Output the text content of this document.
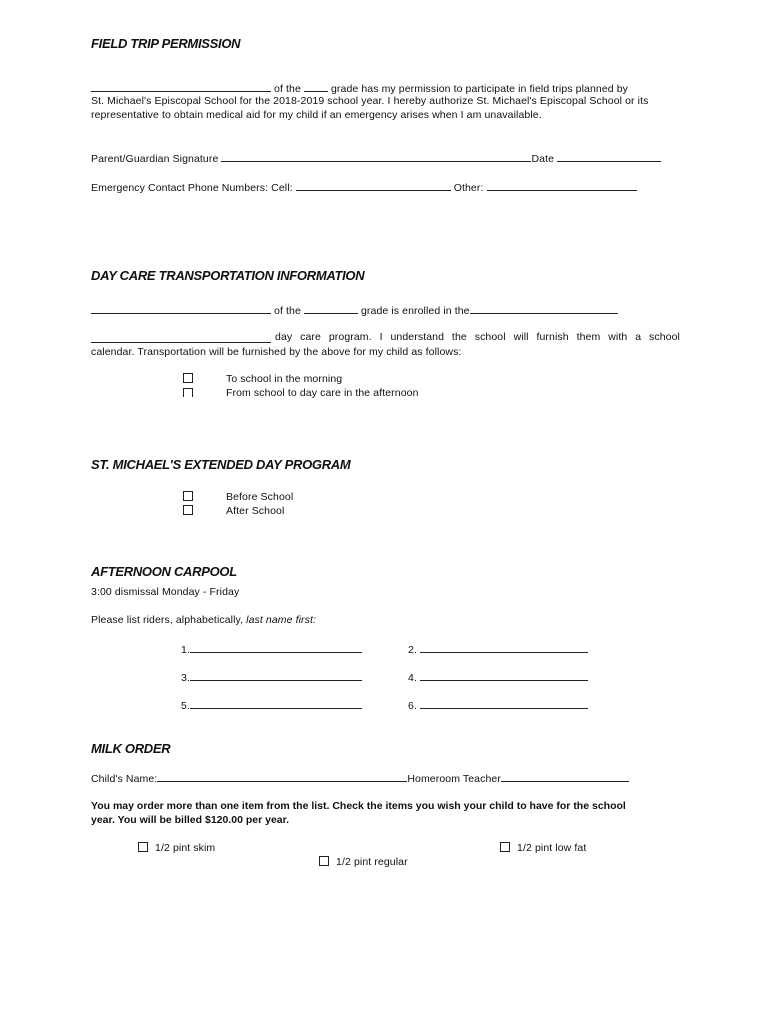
FIELD TRIP PERMISSION
of the	grade has my permission to participate in field trips planned by
St. Michael's Episcopal School for the 2018-2019 school year. I hereby authorize St. Michael's Episcopal School or its
representative to obtain medical aid for my child if an emergency arises when I am unavailable.
Parent/Guardian Signature	Date
Emergency Contact Phone Numbers: Cell:	Other:
DAY CARE TRANSPORTATION INFORMATION
of the	grade is enrolled in the
day care program. I understand the school will furnish them with a school
calendar. Transportation will be furnished by the above for my child as follows:
To school in the morning
From school to day care in the afternoon
ST. MICHAEL'S EXTENDED DAY PROGRAM
Before School
After School
AFTERNOON CARPOOL
3:00 dismissal Monday - Friday
Please list riders, alphabetically, last name first:
1.	2.
3.	4.
5.	6.
MILK ORDER
Child's Name:	Homeroom Teacher
You may order more than one item from the list. Check the items you wish your child to have for the school
year. You will be billed $120.00 per year.
1/2 pint skim	1/2 pint low fat
1/2 pint regular
